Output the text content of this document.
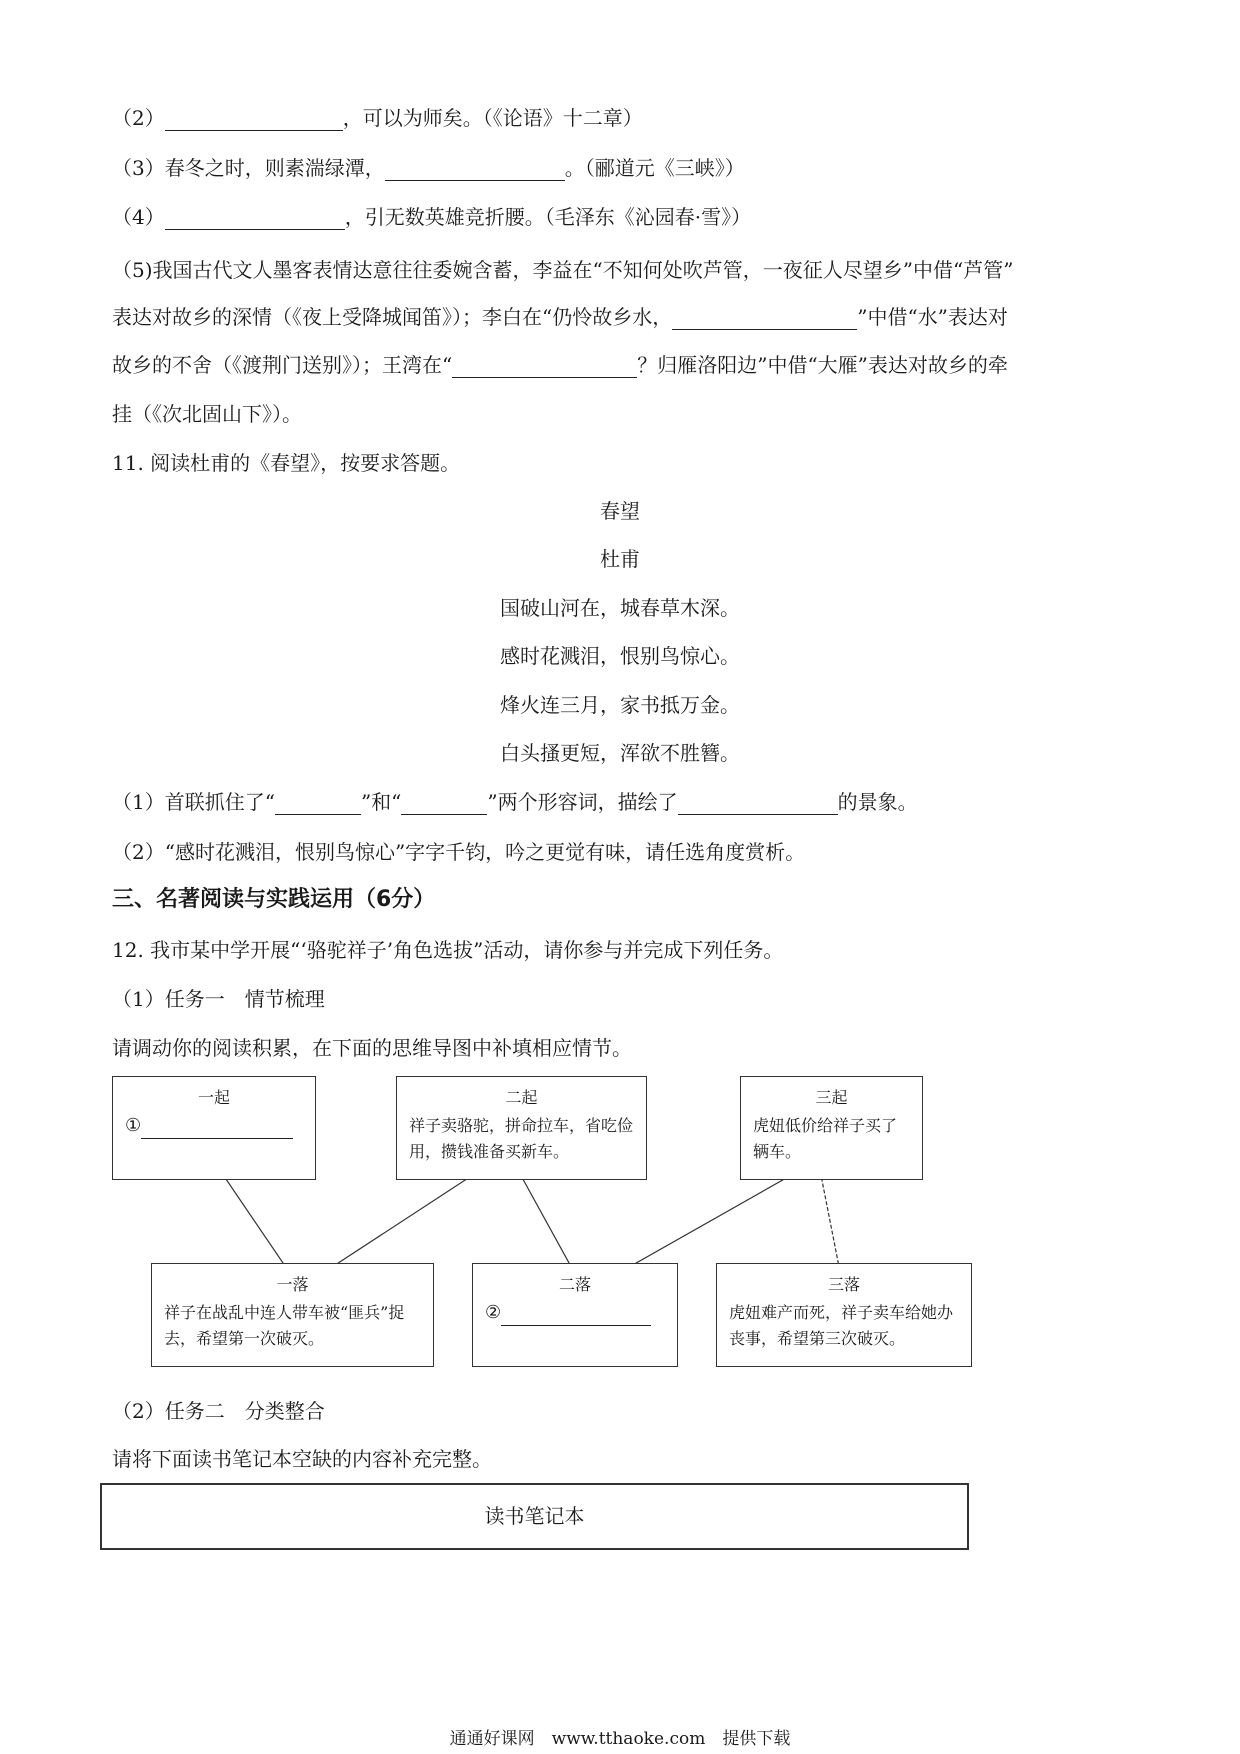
（2）	，可以为师矣。（《论语》十二章）
（3）春冬之时，则素湍绿潭，	。（郦道元《三峡》）
（4）	，引无数英雄竞折腰。（毛泽东《沁园春·雪》）
（5)我国古代文人墨客表情达意往往委婉含蓄，李益在“不知何处吹芦管，一夜征人尽望乡”中借“芦管”
表达对故乡的深情（《夜上受降城闻笛》）；李白在“仍怜故乡水，	”中借“水”表达对
故乡的不舍（《渡荆门送别》）；王湾在“	？归雁洛阳边”中借“大雁”表达对故乡的牵
挂（《次北固山下》）。
11. 阅读杜甫的《春望》，按要求答题。
春望
杜甫
国破山河在，城春草木深。
感时花溅泪，恨别鸟惊心。
烽火连三月，家书抵万金。
白头搔更短，浑欲不胜簪。
（1）首联抓住了“	”和“	”两个形容词，描绘了	的景象。
（2）“感时花溅泪，恨别鸟惊心”字字千钧，吟之更觉有味，请任选角度赏析。
三、名著阅读与实践运用（6分）
12. 我市某中学开展“‘骆驼祥子’角色选拔”活动，请你参与并完成下列任务。
（1）任务一　情节梳理
请调动你的阅读积累，在下面的思维导图中补填相应情节。
一起
①
二起
祥子卖骆驼，拼命拉车，省吃俭用，攒钱准备买新车。
三起
虎妞低价给祥子买了辆车。
一落
祥子在战乱中连人带车被“匪兵”捉去，希望第一次破灭。
二落
②
三落
虎妞难产而死，祥子卖车给她办丧事，希望第三次破灭。
（2）任务二　分类整合
请将下面读书笔记本空缺的内容补充完整。
读书笔记本
通通好课网　www.tthaoke.com　提供下载
